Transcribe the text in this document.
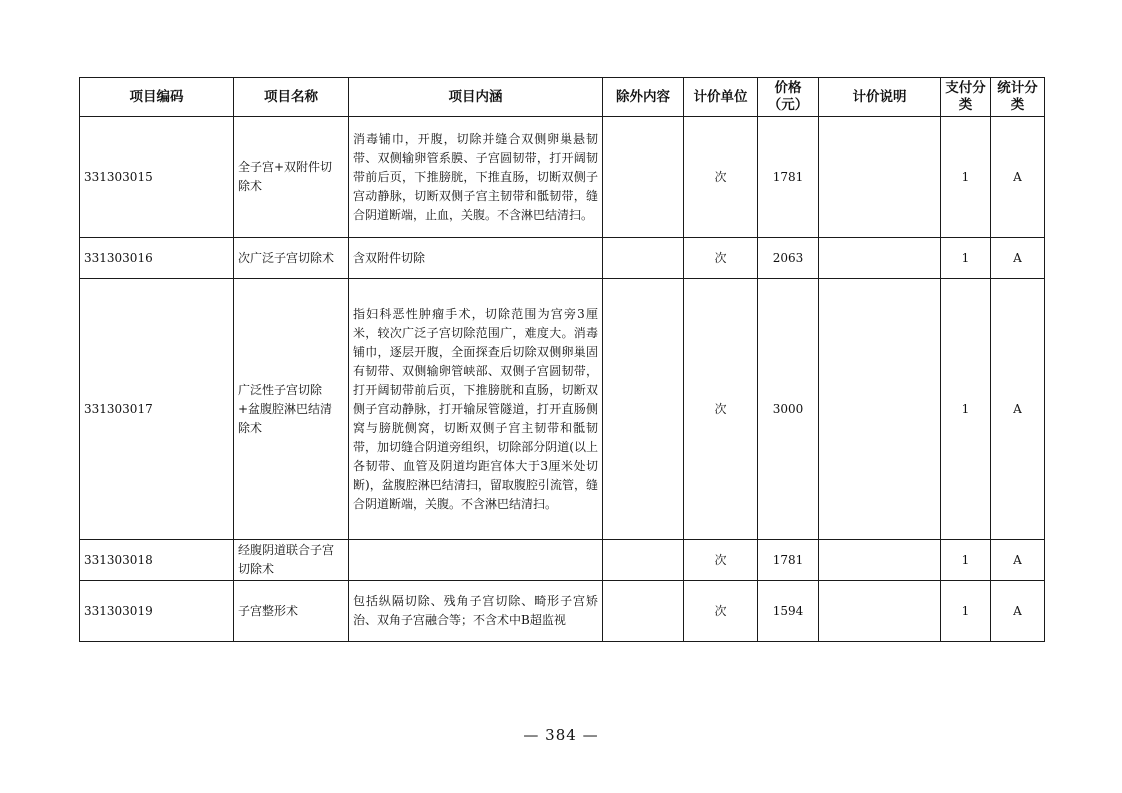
项目编码	项目名称	项目内涵	除外内容	计价单位	价格（元）	计价说明	支付分类	统计分类
331303015	全子宫+双附件切除术	消毒铺巾，开腹，切除并缝合双侧卵巢悬韧带、双侧输卵管系膜、子宫圆韧带，打开阔韧带前后页，下推膀胱，下推直肠，切断双侧子宫动静脉，切断双侧子宫主韧带和骶韧带，缝合阴道断端，止血，关腹。不含淋巴结清扫。		次	1781		1	A
331303016	次广泛子宫切除术	含双附件切除		次	2063		1	A
331303017	广泛性子宫切除+盆腹腔淋巴结清除术	指妇科恶性肿瘤手术，切除范围为宫旁3厘米，较次广泛子宫切除范围广，难度大。消毒铺巾，逐层开腹，全面探查后切除双侧卵巢固有韧带、双侧输卵管峡部、双侧子宫圆韧带，打开阔韧带前后页，下推膀胱和直肠，切断双侧子宫动静脉，打开输尿管隧道，打开直肠侧窝与膀胱侧窝，切断双侧子宫主韧带和骶韧带，加切缝合阴道旁组织，切除部分阴道(以上各韧带、血管及阴道均距宫体大于3厘米处切断)，盆腹腔淋巴结清扫，留取腹腔引流管，缝合阴道断端，关腹。不含淋巴结清扫。		次	3000		1	A
331303018	经腹阴道联合子宫切除术			次	1781		1	A
331303019	子宫整形术	包括纵隔切除、残角子宫切除、畸形子宫矫治、双角子宫融合等；不含术中B超监视		次	1594		1	A
— 384 —
